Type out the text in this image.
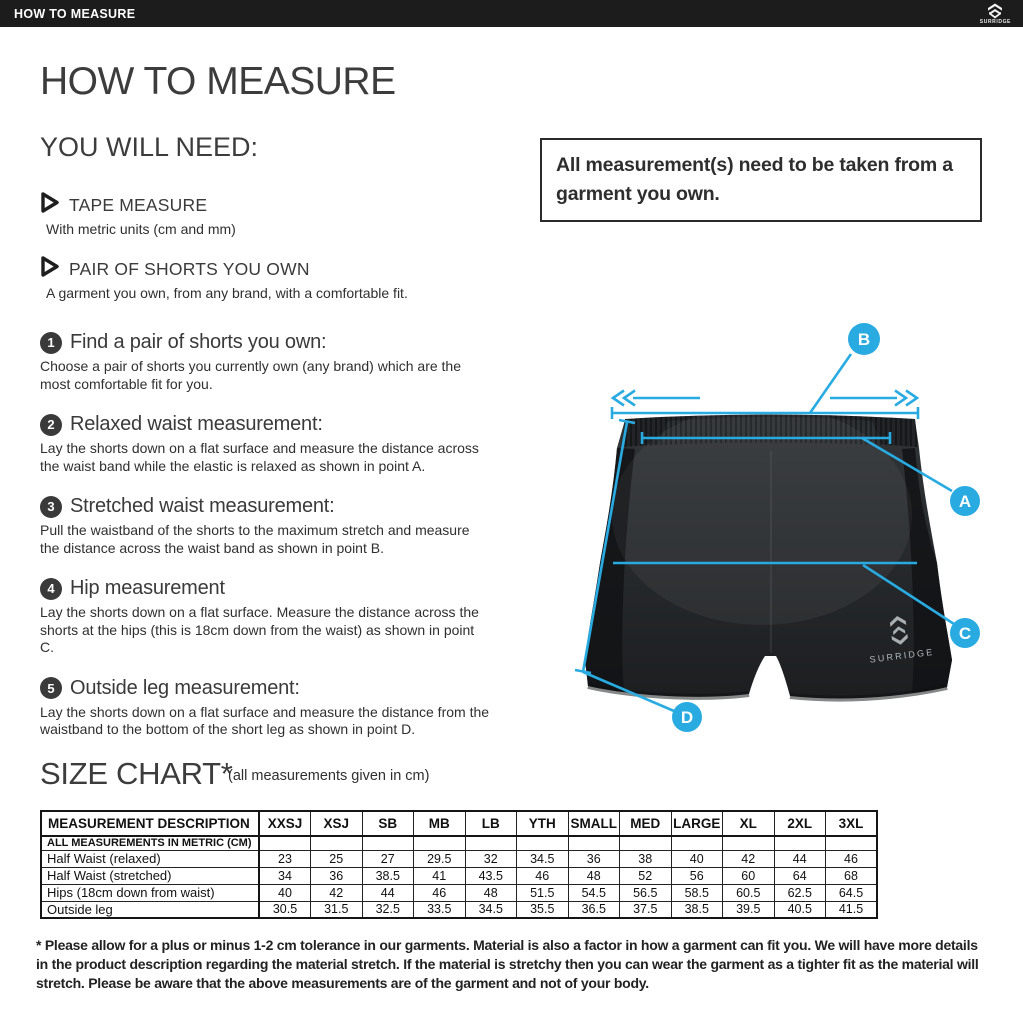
HOW TO MEASURE
SURRIDGE
HOW TO MEASURE
YOU WILL NEED:
TAPE MEASURE
With metric units (cm and mm)
PAIR OF SHORTS YOU OWN
A garment you own, from any brand, with a comfortable fit.
All measurement(s) need to be taken from a garment you own.
1 Find a pair of shorts you own:
Choose a pair of shorts you currently own (any brand) which are the most comfortable fit for you.
2 Relaxed waist measurement:
Lay the shorts down on a flat surface and measure the distance across the waist band while the elastic is relaxed as shown in point A.
3 Stretched waist measurement:
Pull the waistband of the shorts to the maximum stretch and measure the distance across the waist band as shown in point B.
4 Hip measurement
Lay the shorts down on a flat surface. Measure the distance across the shorts at the hips (this is 18cm down from the waist) as shown in point C.
5 Outside leg measurement:
Lay the shorts down on a flat surface and measure the distance from the waistband to the bottom of the short leg as shown in point D.
SURRIDGE
B
A
C
D
SIZE CHART*
(all measurements given in cm)
MEASUREMENT DESCRIPTION	XXSJ	XSJ	SB	MB	LB	YTH	SMALL	MED	LARGE	XL	2XL	3XL
ALL MEASUREMENTS IN METRIC (CM)												
Half Waist (relaxed)	23	25	27	29.5	32	34.5	36	38	40	42	44	46
Half Waist (stretched)	34	36	38.5	41	43.5	46	48	52	56	60	64	68
Hips (18cm down from waist)	40	42	44	46	48	51.5	54.5	56.5	58.5	60.5	62.5	64.5
Outside leg	30.5	31.5	32.5	33.5	34.5	35.5	36.5	37.5	38.5	39.5	40.5	41.5
* Please allow for a plus or minus 1-2 cm tolerance in our garments. Material is also a factor in how a garment can fit you. We will have more details in the product description regarding the material stretch. If the material is stretchy then you can wear the garment as a tighter fit as the material will stretch. Please be aware that the above measurements are of the garment and not of your body.
